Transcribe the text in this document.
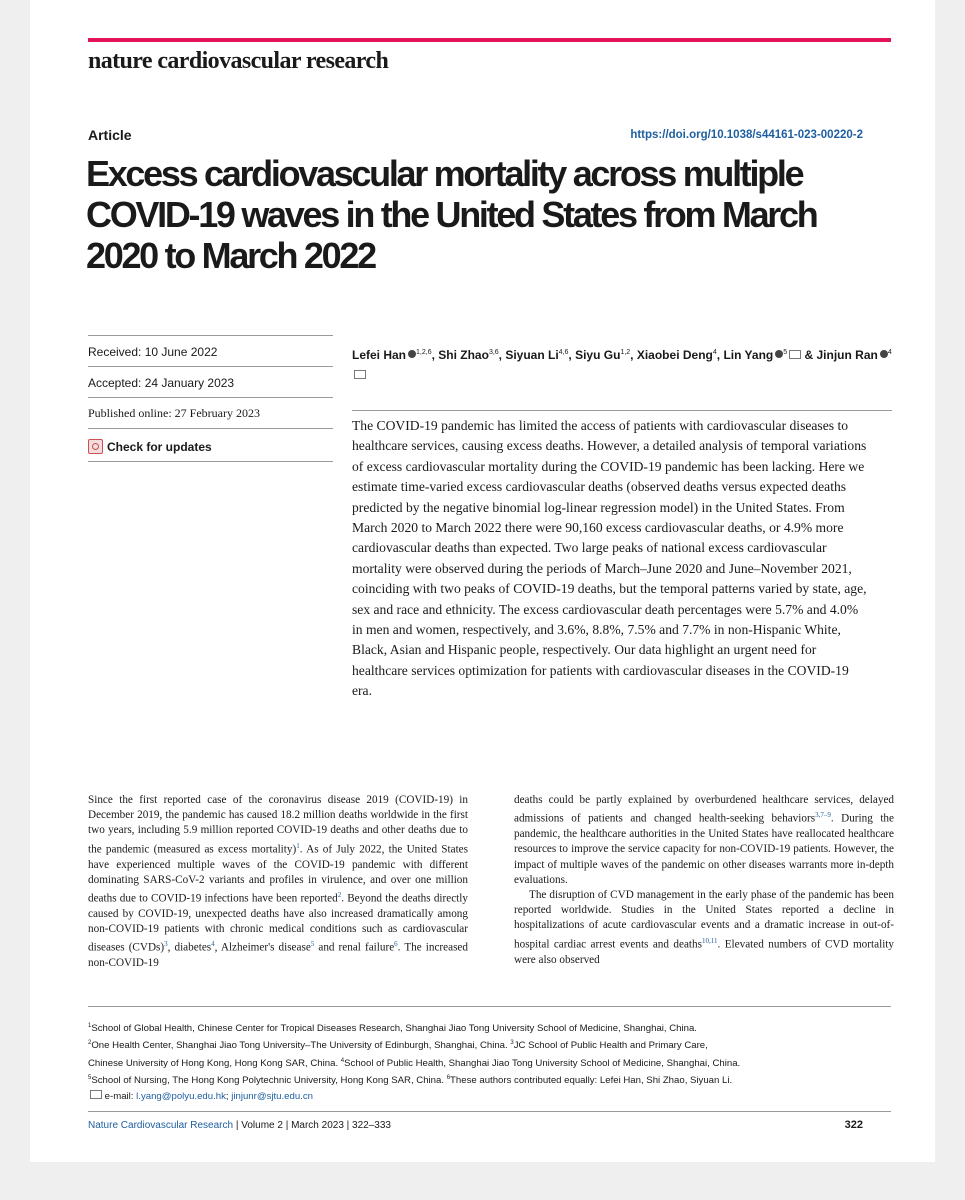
nature cardiovascular research
Article	https://doi.org/10.1038/s44161-023-00220-2
Excess cardiovascular mortality across multiple COVID-19 waves in the United States from March 2020 to March 2022
Received: 10 June 2022
Accepted: 24 January 2023
Published online: 27 February 2023
Check for updates
Lefei Han $^{1,2,6}$, Shi Zhao$^{3,6}$, Siyuan Li$^{4,6}$, Siyu Gu$^{1,2}$, Xiaobei Deng$^4$, Lin Yang $^5$ & Jinjun Ran $^4$

The COVID-19 pandemic has limited the access of patients with cardiovascular diseases to healthcare services, causing excess deaths. However, a detailed analysis of temporal variations of excess cardiovascular mortality during the COVID-19 pandemic has been lacking. Here we estimate time-varied excess cardiovascular deaths (observed deaths versus expected deaths predicted by the negative binomial log-linear regression model) in the United States. From March 2020 to March 2022 there were 90,160 excess cardiovascular deaths, or 4.9% more cardiovascular deaths than expected. Two large peaks of national excess cardiovascular mortality were observed during the periods of March–June 2020 and June–November 2021, coinciding with two peaks of COVID-19 deaths, but the temporal patterns varied by state, age, sex and race and ethnicity. The excess cardiovascular death percentages were 5.7% and 4.0% in men and women, respectively, and 3.6%, 8.8%, 7.5% and 7.7% in non-Hispanic White, Black, Asian and Hispanic people, respectively. Our data highlight an urgent need for healthcare services optimization for patients with cardiovascular diseases in the COVID-19 era.

Since the first reported case of the coronavirus disease 2019 (COVID-19) in December 2019, the pandemic has caused 18.2 million deaths worldwide in the first two years, including 5.9 million reported COVID-19 deaths and other deaths due to the pandemic (measured as excess mortality)$^1$. As of July 2022, the United States have experienced multiple waves of the COVID-19 pandemic with different dominating SARS-CoV-2 variants and profiles in virulence, and over one million deaths due to COVID-19 infections have been reported$^2$. Beyond the deaths directly caused by COVID-19, unexpected deaths have also increased dramatically among non-COVID-19 patients with chronic medical conditions such as cardiovascular diseases (CVDs)$^3$, diabetes$^4$, Alzheimer's disease$^5$ and renal failure$^6$. The increased non-COVID-19

deaths could be partly explained by overburdened healthcare services, delayed admissions of patients and changed health-seeking behaviors$^{3,7-9}$. During the pandemic, the healthcare authorities in the United States have reallocated healthcare resources to improve the service capacity for non-COVID-19 patients. However, the impact of multiple waves of the pandemic on other diseases warrants more in-depth evaluations.

The disruption of CVD management in the early phase of the pandemic has been reported worldwide. Studies in the United States reported a decline in hospitalizations of acute cardiovascular events and a dramatic increase in out-of-hospital cardiac arrest events and deaths$^{10,11}$. Elevated numbers of CVD mortality were also observed

$^1$School of Global Health, Chinese Center for Tropical Diseases Research, Shanghai Jiao Tong University School of Medicine, Shanghai, China.
$^2$One Health Center, Shanghai Jiao Tong University–The University of Edinburgh, Shanghai, China. $^3$JC School of Public Health and Primary Care,
Chinese University of Hong Kong, Hong Kong SAR, China. $^4$School of Public Health, Shanghai Jiao Tong University School of Medicine, Shanghai, China.
$^5$School of Nursing, The Hong Kong Polytechnic University, Hong Kong SAR, China. $^6$These authors contributed equally: Lefei Han, Shi Zhao, Siyuan Li.
e-mail: l.yang@polyu.edu.hk; jinjunr@sjtu.edu.cn
Nature Cardiovascular Research | Volume 2 | March 2023 | 322–333	322
